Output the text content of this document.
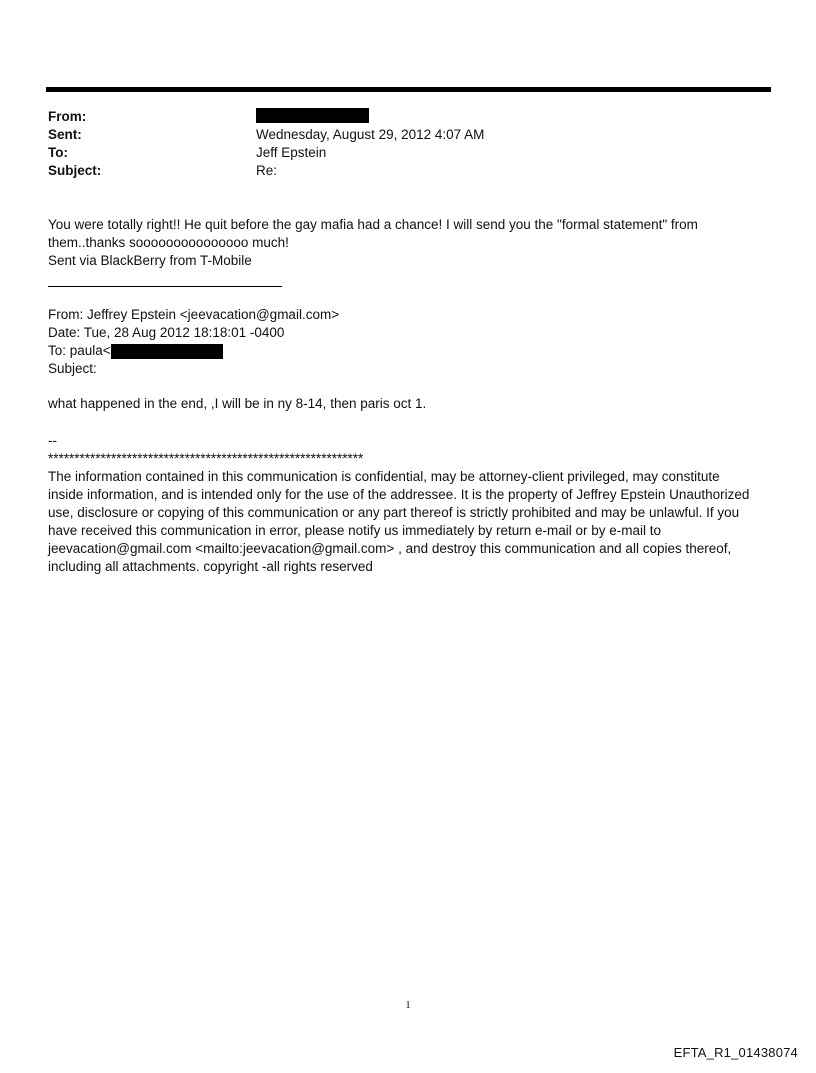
From:
Sent:	Wednesday, August 29, 2012 4:07 AM
To:	Jeff Epstein
Subject:	Re:
You were totally right!! He quit before the gay mafia had a chance! I will send you the "formal statement" from
them..thanks sooooooooooooooo much!
Sent via BlackBerry from T-Mobile
From: Jeffrey Epstein <jeevacation@gmail.com>
Date: Tue, 28 Aug 2012 18:18:01 -0400
To: paula<
Subject:
what happened in the end, ,I will be in ny 8-14, then paris oct 1.
--
************************************************************
The information contained in this communication is confidential, may be attorney-client privileged, may constitute
inside information, and is intended only for the use of the addressee. It is the property of Jeffrey Epstein Unauthorized
use, disclosure or copying of this communication or any part thereof is strictly prohibited and may be unlawful. If you
have received this communication in error, please notify us immediately by return e-mail or by e-mail to
jeevacation@gmail.com <mailto:jeevacation@gmail.com> , and destroy this communication and all copies thereof,
including all attachments. copyright -all rights reserved
1
EFTA_R1_01438074
